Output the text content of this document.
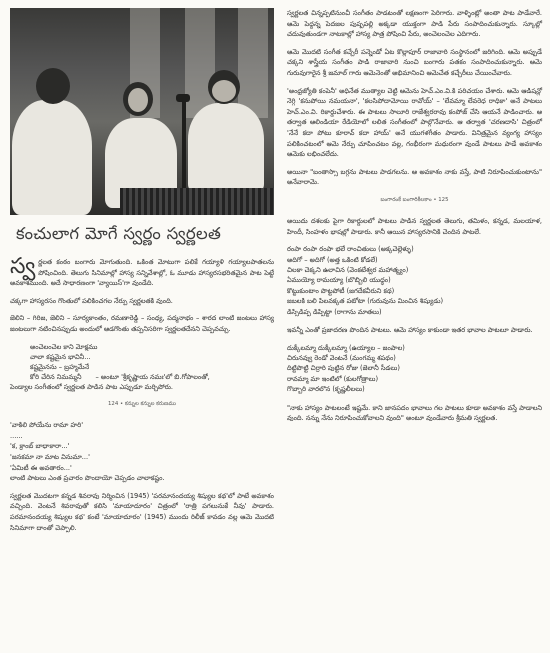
కంచులాగ మోగే స్వర్ణం స్వర్ణలత

స్వ ర్ణలత కంఠం బంగారు మోగుతుంది. ఒకింత మోటుగా పలికే గయ్యాళి గయ్యాలపాతలను పోషించింది. తెలుగు సినిమాల్లో హాస్య సన్నివేశాల్లో, ఓ మూడు హాస్యరసభరితమైన పాట పెట్టే అవకాశముంది. అదే సాధారణంగా 'వ్యాయిస్'గా వుండేది.

చక్కగా హాస్యరసం గొంతులో పలికించగల నేర్పు స్వర్ణలతకి వుంది.

జెలిని – గిరిజ, జెలిని – సూర్యకాంతం, రమణారెడ్డి – సంధ్య, పద్మనాభం – శారద లాంటి జంటలు హాస్య జంటలుగా నటించినప్పుడు అందులో ఆడగొంతు తప్పనిసరిగా స్వర్ణలతదేనని చెప్పవచ్చు.

అంచెలంచెల కాని మోక్షము
చాలా కష్టమైన భావినీ...
కష్టమైనను – బ్రహ్మమేనే
కోరి చేరిన నిమమ్మనీ – అంటూ 'శ్రీకృష్ణాయ నమః'లో బి.గోపాలంతో,

పెండ్యాల సంగీతంలో స్వర్ణలత పాడిన పాట ఎప్పుడూ మర్చిపోరు.

124 • కన్నుల కన్నుల కరుణము
'వాకిలి పోయేను రామా హరి'
......
'క, క్రాంబ్ బాధాకారా...'
'జనకమా నా మాట వినుమా...'
'ఏమిటీ ఈ అవతారం...'

లాంటి పాటలు ఎంత ప్రచారం పొందాయో చెప్పడం చాలాకష్టం.

స్వర్ణలత మొదటగా కన్నడ శివరావు నిర్మించిన (1945) 'పరమానందయ్య శిష్యుల కథ'లో పాటే అవకాశం వచ్చింది. వెంటనే శివరావుతో కలిసి 'మాయాదూరం' చిత్రంలో 'రాత్రి పగలునుకే నీవు' పాడారు. పరమానందయ్య శిష్యుల కథ' కంటే 'మాయాదూరం' (1945) ముందు రిలీజ్ కావడం వల్ల ఆమె మొదటి సినిమాగా దాంతో చెప్పాలి.

స్వర్ణలత చిన్నప్పటినుంచీ సంగీతం పాడటంతో లక్షణంగా పెరిగారు. వాళ్ళింట్లో అంతా పాట పాడేవారే. ఆమె పెద్దన్న పెదజల పుష్పపల్లి అక్కడా యుక్తంగా పాడి పేరు సంపాదించుకున్నారు. స్కూల్లో చదువుతుండగా నాటకాల్లో హాస్య పాత్ర పోషించి పేరు, అంచెలంచెల ఎదిగారు.

ఆమె మొదటి సంగీత కచ్చేరీ పన్నెండో ఏట కొల్లాపూర్ రాజావారి సంస్థానంలో జరిగింది. ఆమె అప్పుడే చక్కని శాస్త్రీయ సంగీతం పాడి రాజావారి నుంచి బంగారు పతకం సంపాదించుకున్నారు. ఆమె గురువుగారైన శ్రీ జమాల్ గారు ఆమెనెంతో అభిమానించి ఆమెచేత కచ్చేరీలు చేయించేవారు.

'అంధ్రజ్యోతి కంపెనీ' అధినేత ముత్యాల చెట్టి ఆమెను హెచ్.ఎం.వి.కి పరిచయం చేశారు. ఆమె ఆడిషన్లో నెగ్గి 'కనుపోయి నమయనా', 'కలసిపోదామోయి రావోయ్' – 'లేవమ్మా లేవరెధ రాధికా' అనే పాటలు హెచ్.ఎం.వి. రికార్డుచేశారు. ఈ పాటలు సాలూరి రాజేశ్వరరావు కంపోజ్ చేసి ఆయనే పాడించారు. ఆ తర్వాత ఆలిండియా రేడియోలో లలిత సంగీతంలో పాల్గొనేవారు. ఆ తర్వాత 'చరణదాసి' చిత్రంలో 'నేనే కదా పోటు కూరావ్ కదా హాయ్' అనే యుగళగీతం పాడారు. వినిత్రమైన వ్యంగ్య హాస్యం పలికించటంలో ఆమె నేర్పు చూపించటం వల్ల, గంభీరంగా మధురంగా వుండే పాటలు పాడే అవకాశం ఆమెకు లభించలేదు.

అయినా "బంతాస్సా బగ్గను పాటలు పాడగలను. ఆ అవకాశం నాకు వస్తే, పాటి నిరూపించుకుంటాను" అనేవారామె.

బంగారంకే బంగారికీలకాం • 125

అయిదు దశలకు పైగా రికార్డులలో పాటలు పాడిన స్వర్ణలత తెలుగు, తమిళం, కన్నడ, మలయాళ, హిందీ, సింహళం భాషల్లో పాడారు. కానీ ఆయిన హాస్యరసానికి చెందిన పాటలే.

రంపా రంపా రంపా భలే రాంచితులు (అక్కచెల్లెళ్ళు)
అదిగో – అదిగో (అత్త ఒకింటి కోడలే)
చిలకా చెక్కని ఉలాచిన (వెంకటేశ్వర మహాత్మ్యం)
ఏముయ్యో రామయ్యా (బొబ్బిలి యుద్ధం)
కొట్టుకుంటాం పొట్టపోటీ (జగదేకవీరుని కథ)
జబలకి బలి పిలవక్కత పటోటా (గురువును మించిన శిష్యుడు)
డిస్సిడిప్ప డిప్పిట్టా (రాగాను మాతలు)

ఇవన్నీ ఎంతో ప్రజాదరణ పొందిన పాటలు. ఆమె హాస్యం కాకుండా ఇతర భావాల పాటలూ పాడారు.

దుక్కీలమ్మా దుక్కీలమ్మా (ఉయ్యాల – జంపాల)
చిరునవ్వు రెండో వెంటనే (మంగమ్మ శపథం)
దిట్టిపొట్టి చిర్రారి పుట్టిన రోజు (జెలానీ సీడలు)
రావమ్మా మా ఇంటిలో (కులగోత్రాలు)
గొబ్బారి వారలొన (కృష్ణలీలలు)

"నాకు హాస్యం పాటలంటే ఇష్టమే. కాని జానపదం భావాలు గల పాటలు కూడా అవకాశం వస్తే పాడాలని వుంది. నన్ను నేను నిరూపించుకోవాలని వుంది" అంటూ వుండేవారు శ్రీమతి స్వర్ణలత.
